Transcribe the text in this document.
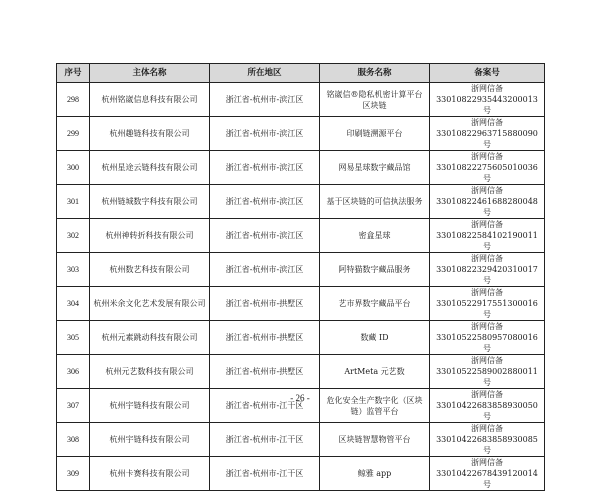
序号	主体名称	所在地区	服务名称	备案号
298	杭州铭崴信息科技有限公司	浙江省-杭州市-滨江区	铭崴信®隐私机密计算平台 区块链	浙网信备
33010822935443200013 号

299	杭州趣链科技有限公司	浙江省-杭州市-滨江区	印刷链溯源平台	浙网信备
33010822963715880090 号

300	杭州星途云链科技有限公司	浙江省-杭州市-滨江区	网易星球数字藏品馆	浙网信备
33010822275605010036 号

301	杭州链城数字科技有限公司	浙江省-杭州市-滨江区	基于区块链的可信执法服务	浙网信备
33010822461688280048 号

302	杭州神转折科技有限公司	浙江省-杭州市-滨江区	密盒星球	浙网信备
33010822584102190011 号

303	杭州数艺科技有限公司	浙江省-杭州市-滨江区	阿特猫数字藏品服务	浙网信备
33010822329420310017 号

304	杭州米余文化艺术发展有限公司	浙江省-杭州市-拱墅区	艺市界数字藏品平台	浙网信备
33010522917551300016 号

305	杭州元素跳动科技有限公司	浙江省-杭州市-拱墅区	数藏 ID	浙网信备
33010522580957080016 号

306	杭州元艺数科技有限公司	浙江省-杭州市-拱墅区	ArtMeta 元艺数	浙网信备
33010522589002880011 号

307	杭州宇链科技有限公司	浙江省-杭州市-江干区	危化安全生产数字化（区块链）监管平台	浙网信备
33010422683858930050 号

308	杭州宇链科技有限公司	浙江省-杭州市-江干区	区块链智慧物管平台	浙网信备
33010422683858930085 号

309	杭州卡赛科技有限公司	浙江省-杭州市-江干区	鲸雅 app	浙网信备
33010422678439120014 号
- 26 -
